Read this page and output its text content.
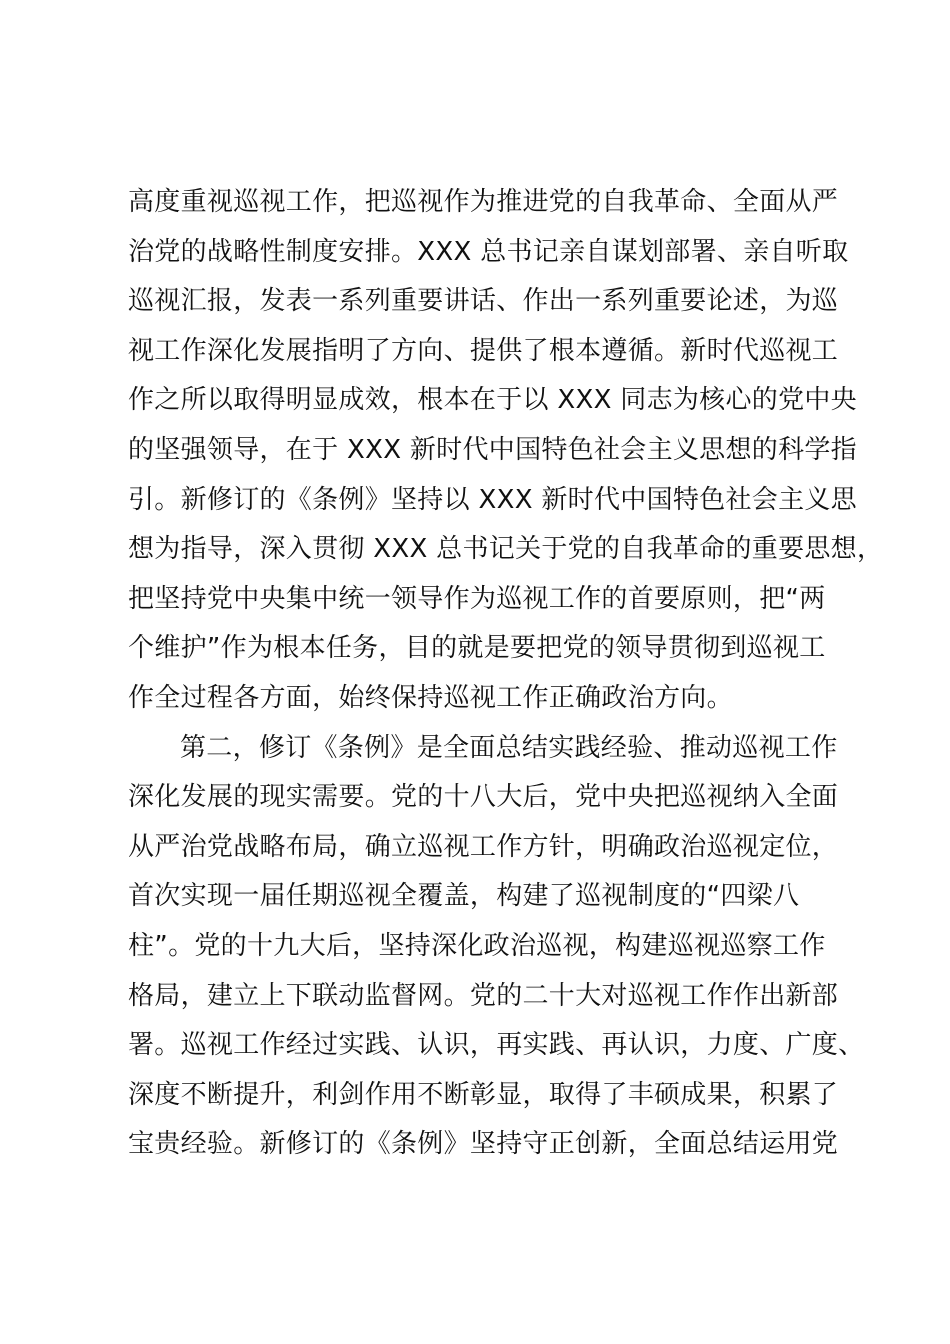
高度重视巡视工作，把巡视作为推进党的自我革命、全面从严
治党的战略性制度安排。XXX 总书记亲自谋划部署、亲自听取
巡视汇报，发表一系列重要讲话、作出一系列重要论述，为巡
视工作深化发展指明了方向、提供了根本遵循。新时代巡视工
作之所以取得明显成效，根本在于以 XXX 同志为核心的党中央
的坚强领导，在于 XXX 新时代中国特色社会主义思想的科学指
引。新修订的《条例》坚持以 XXX 新时代中国特色社会主义思
想为指导，深入贯彻 XXX 总书记关于党的自我革命的重要思想，
把坚持党中央集中统一领导作为巡视工作的首要原则，把“两
个维护”作为根本任务，目的就是要把党的领导贯彻到巡视工
作全过程各方面，始终保持巡视工作正确政治方向。
第二，修订《条例》是全面总结实践经验、推动巡视工作
深化发展的现实需要。党的十八大后，党中央把巡视纳入全面
从严治党战略布局，确立巡视工作方针，明确政治巡视定位，
首次实现一届任期巡视全覆盖，构建了巡视制度的“四梁八
柱”。党的十九大后，坚持深化政治巡视，构建巡视巡察工作
格局，建立上下联动监督网。党的二十大对巡视工作作出新部
署。巡视工作经过实践、认识，再实践、再认识，力度、广度、
深度不断提升，利剑作用不断彰显，取得了丰硕成果，积累了
宝贵经验。新修订的《条例》坚持守正创新，全面总结运用党
